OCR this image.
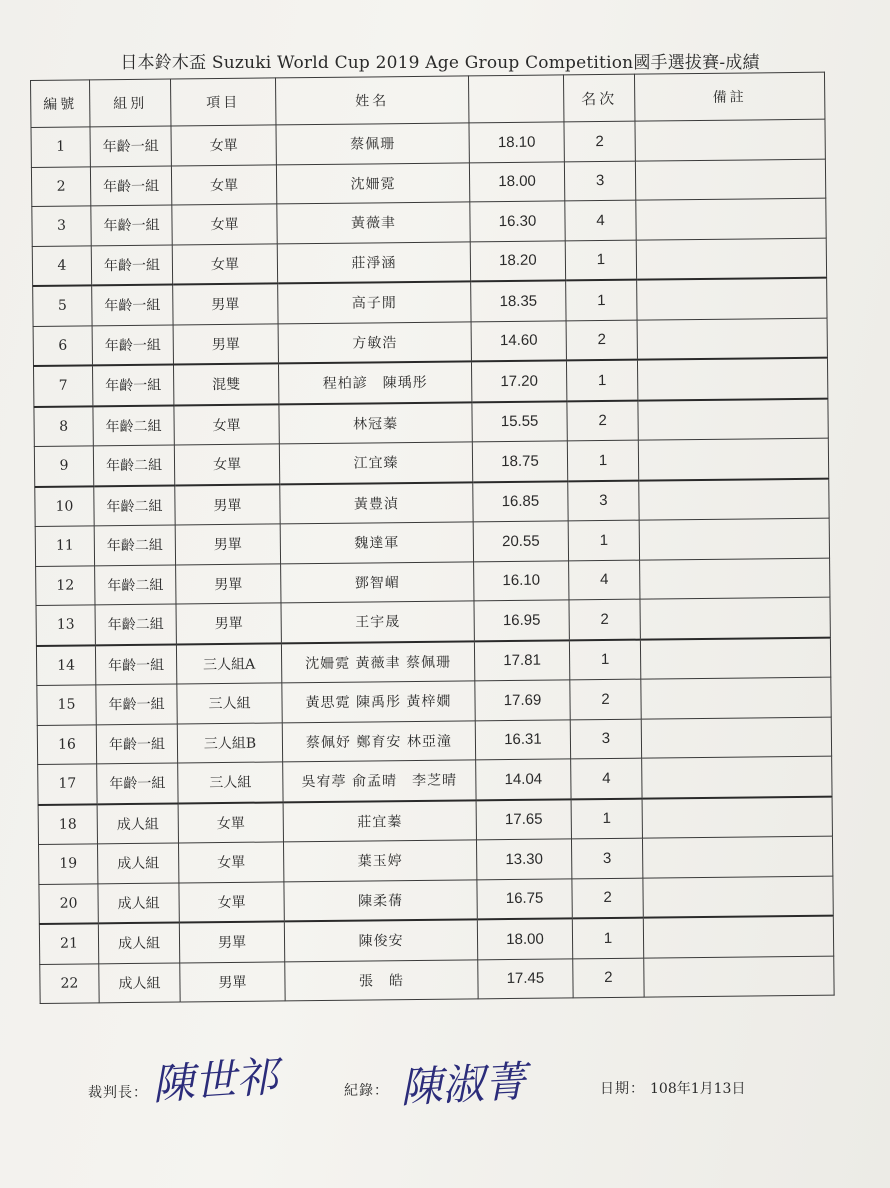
日本鈴木盃 Suzuki World Cup 2019 Age Group Competition國手選拔賽-成績
編號	組別	項目	姓名		名次	備註
1	年齡一組	女單	蔡佩珊	18.10	2	
2	年齡一組	女單	沈姍霓	18.00	3	
3	年齡一組	女單	黃薇聿	16.30	4	
4	年齡一組	女單	莊淨涵	18.20	1	
5	年齡一組	男單	高子閒	18.35	1	
6	年齡一組	男單	方敏浩	14.60	2	
7	年齡一組	混雙	程柏諺　陳瑀彤	17.20	1	
8	年齡二組	女單	林冠蓁	15.55	2	
9	年齡二組	女單	江宜臻	18.75	1	
10	年齡二組	男單	黃豊湞	16.85	3	
11	年齡二組	男單	魏達軍	20.55	1	
12	年齡二組	男單	鄧智嵋	16.10	4	
13	年齡二組	男單	王宇晟	16.95	2	
14	年齡一組	三人組A	沈姍霓 黃薇聿 蔡佩珊	17.81	1	
15	年齡一組	三人組	黃思霓 陳禹彤 黃梓嫺	17.69	2	
16	年齡一組	三人組B	蔡佩妤 鄭育安 林亞潼	16.31	3	
17	年齡一組	三人組	吳宥葶 俞孟晴　李芝晴	14.04	4	
18	成人組	女單	莊宜蓁	17.65	1	
19	成人組	女單	葉玉婷	13.30	3	
20	成人組	女單	陳柔蒨	16.75	2	
21	成人組	男單	陳俊安	18.00	1	
22	成人組	男單	張　皓	17.45	2	
裁判長： 陳世祁	紀錄： 陳淑菁	日期： 108年1月13日
